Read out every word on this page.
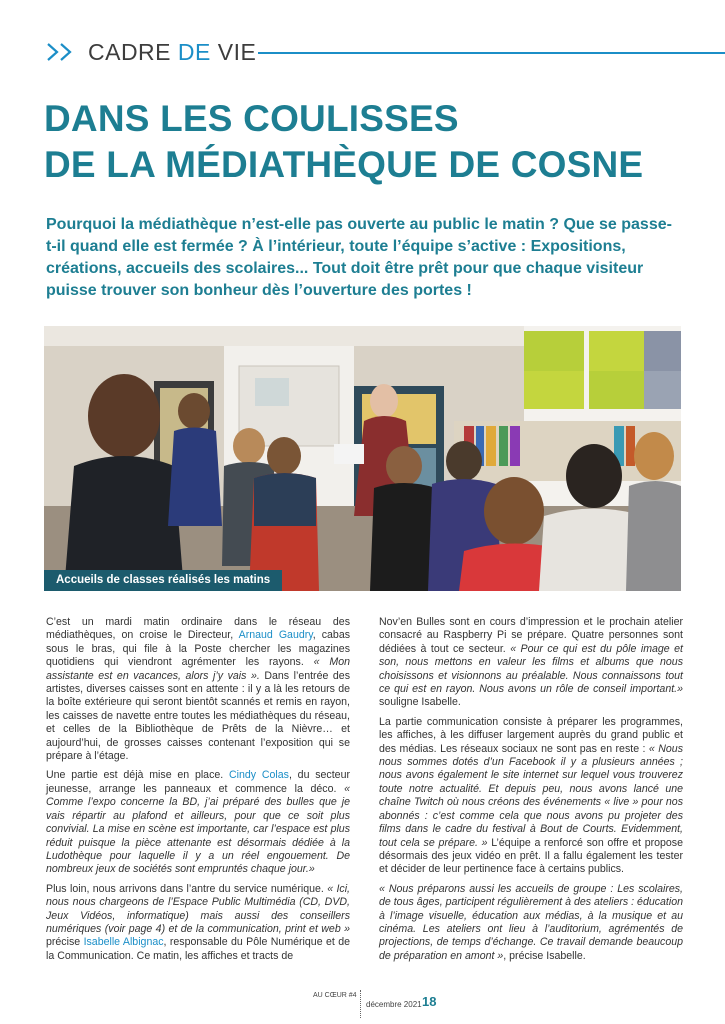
CADRE DE VIE
DANS LES COULISSES
DE LA MÉDIATHÈQUE DE COSNE
Pourquoi la médiathèque n’est-elle pas ouverte au public le matin ? Que se passe-t-il quand elle est fermée ? À l’intérieur, toute l’équipe s’active : Expositions, créations, accueils des scolaires... Tout doit être prêt pour que chaque visiteur puisse trouver son bonheur dès l’ouverture des portes !
Accueils de classes réalisés les matins

C’est un mardi matin ordinaire dans le réseau des médiathèques, on croise le Directeur, Arnaud Gaudry, cabas sous le bras, qui file à la Poste chercher les magazines quotidiens qui viendront agrémenter les rayons. « Mon assistante est en vacances, alors j’y vais ». Dans l’entrée des artistes, diverses caisses sont en attente : il y a là les retours de la boîte extérieure qui seront bientôt scannés et remis en rayon, les caisses de navette entre toutes les médiathèques du réseau, et celles de la Bibliothèque de Prêts de la Nièvre… et aujourd’hui, de grosses caisses contenant l’exposition qui se prépare à l’étage.

Une partie est déjà mise en place. Cindy Colas, du secteur jeunesse, arrange les panneaux et commence la déco. « Comme l’expo concerne la BD, j’ai préparé des bulles que je vais répartir au plafond et ailleurs, pour que ce soit plus convivial. La mise en scène est importante, car l’espace est plus réduit puisque la pièce attenante est désormais dédiée à la Ludothèque pour laquelle il y a un réel engouement. De nombreux jeux de sociétés sont empruntés chaque jour.»

Plus loin, nous arrivons dans l’antre du service numérique. « Ici, nous nous chargeons de l’Espace Public Multimédia (CD, DVD, Jeux Vidéos, informatique) mais aussi des conseillers numériques (voir page 4) et de la communication, print et web » précise Isabelle Albignac, responsable du Pôle Numérique et de la Communication. Ce matin, les affiches et tracts de

Nov’en Bulles sont en cours d’impression et le prochain atelier consacré au Raspberry Pi se prépare. Quatre personnes sont dédiées à tout ce secteur. « Pour ce qui est du pôle image et son, nous mettons en valeur les films et albums que nous choisissons et visionnons au préalable. Nous connaissons tout ce qui est en rayon. Nous avons un rôle de conseil important.» souligne Isabelle.

La partie communication consiste à préparer les programmes, les affiches, à les diffuser largement auprès du grand public et des médias. Les réseaux sociaux ne sont pas en reste : « Nous nous sommes dotés d’un Facebook il y a plusieurs années ; nous avons également le site internet sur lequel vous trouverez toute notre actualité. Et depuis peu, nous avons lancé une chaîne Twitch où nous créons des événements « live » pour nos abonnés : c’est comme cela que nous avons pu projeter des films dans le cadre du festival à Bout de Courts. Evidemment, tout cela se prépare. » L’équipe a renforcé son offre et propose désormais des jeux vidéo en prêt. Il a fallu également les tester et décider de leur pertinence face à certains publics.

« Nous préparons aussi les accueils de groupe : Les scolaires, de tous âges, participent régulièrement à des ateliers : éducation à l’image visuelle, éducation aux médias, à la musique et au cinéma. Les ateliers ont lieu à l’auditorium, agrémentés de projections, de temps d’échange. Ce travail demande beaucoup de préparation en amont », précise Isabelle.

AU CŒUR #4
décembre 2021 18
